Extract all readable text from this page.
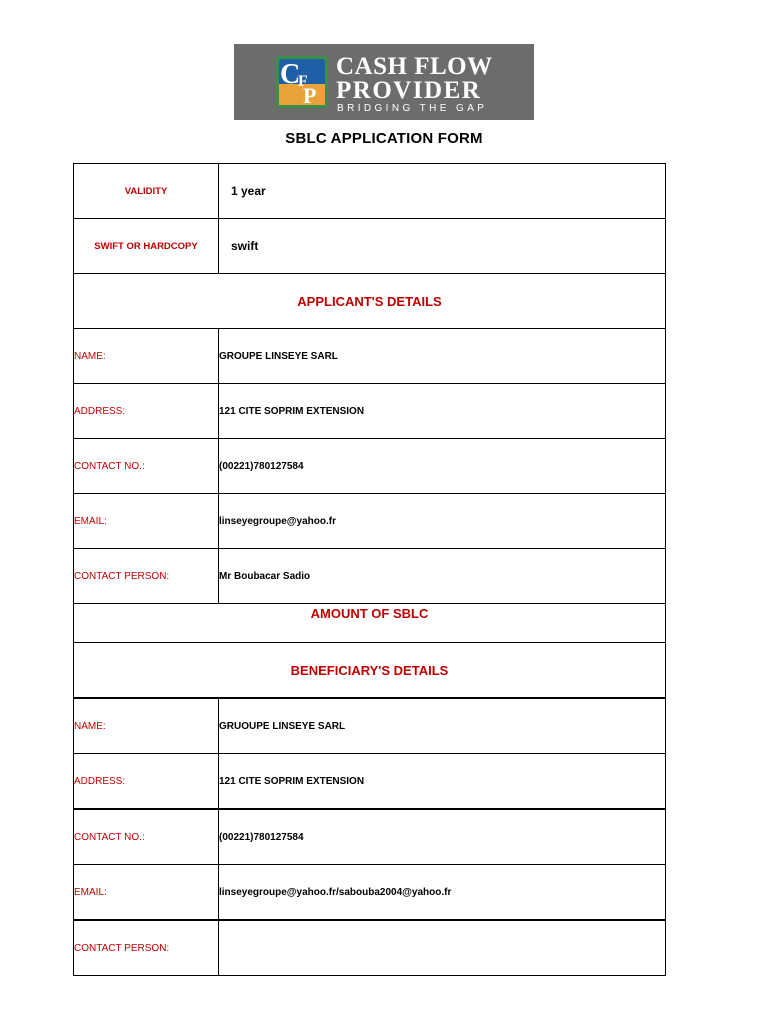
C
F
P
CASH FLOW
PROVIDER
BRIDGING THE GAP
SBLC APPLICATION FORM
VALIDITY	1 year
SWIFT OR HARDCOPY	swift
APPLICANT'S DETAILS	
NAME:	GROUPE LINSEYE SARL
ADDRESS:	121 CITE SOPRIM EXTENSION
CONTACT NO.:	(00221)780127584
EMAIL:	linseyegroupe@yahoo.fr
CONTACT PERSON:	Mr Boubacar Sadio
AMOUNT OF SBLC	
BENEFICIARY'S DETAILS	
NAME:	GRUOUPE LINSEYE SARL
ADDRESS:	121 CITE SOPRIM EXTENSION
CONTACT NO.:	(00221)780127584
EMAIL:	linseyegroupe@yahoo.fr/sabouba2004@yahoo.fr
CONTACT PERSON:	
